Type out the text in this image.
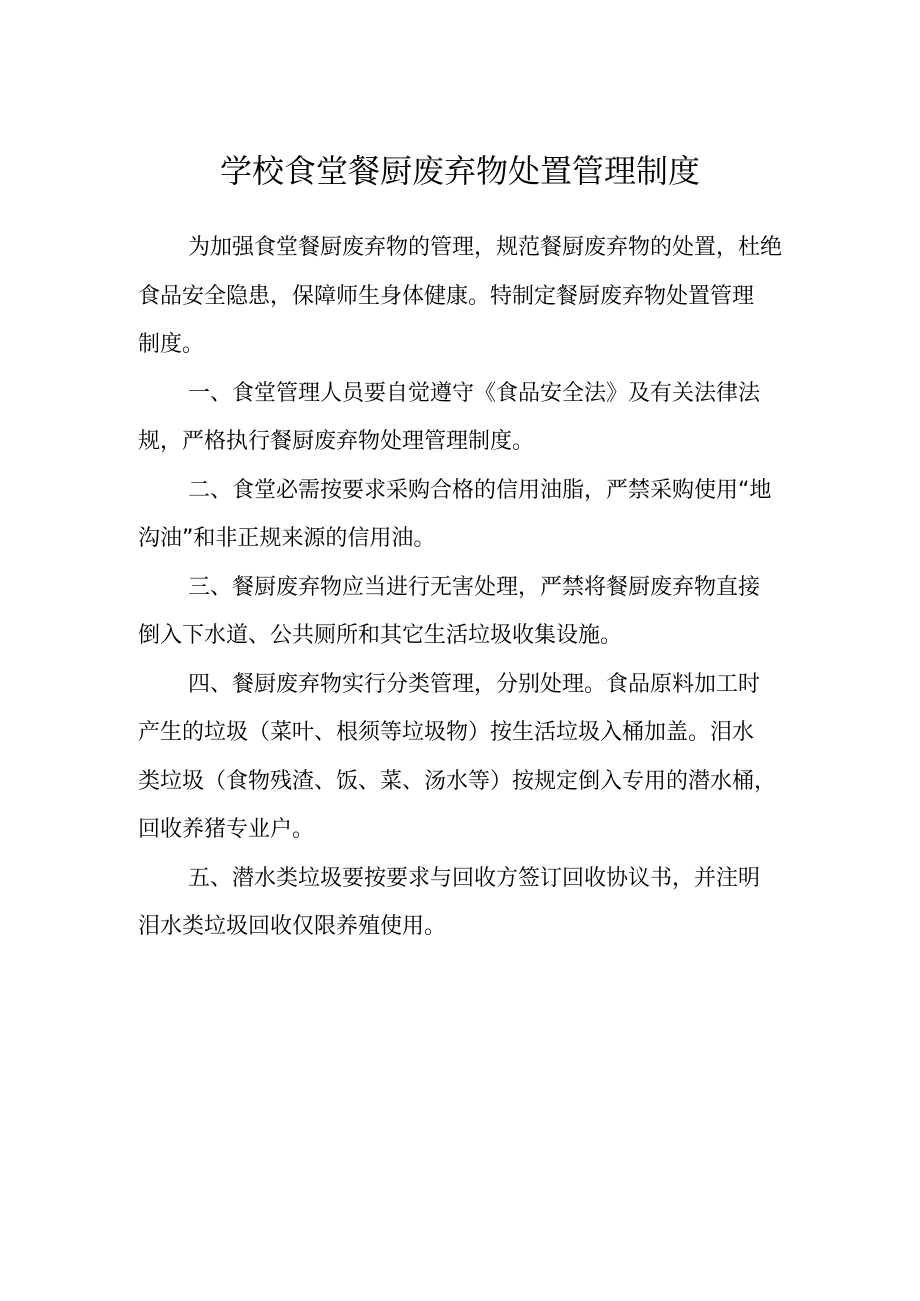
学校食堂餐厨废弃物处置管理制度
为加强食堂餐厨废弃物的管理，规范餐厨废弃物的处置，杜绝
食品安全隐患，保障师生身体健康。特制定餐厨废弃物处置管理
制度。
一、食堂管理人员要自觉遵守《食品安全法》及有关法律法
规，严格执行餐厨废弃物处理管理制度。
二、食堂必需按要求采购合格的信用油脂，严禁采购使用“地
沟油”和非正规来源的信用油。
三、餐厨废弃物应当进行无害处理，严禁将餐厨废弃物直接
倒入下水道、公共厕所和其它生活垃圾收集设施。
四、餐厨废弃物实行分类管理，分别处理。食品原料加工时
产生的垃圾（菜叶、根须等垃圾物）按生活垃圾入桶加盖。泪水
类垃圾（食物残渣、饭、菜、汤水等）按规定倒入专用的潜水桶，
回收养猪专业户。
五、潜水类垃圾要按要求与回收方签订回收协议书，并注明
泪水类垃圾回收仅限养殖使用。
